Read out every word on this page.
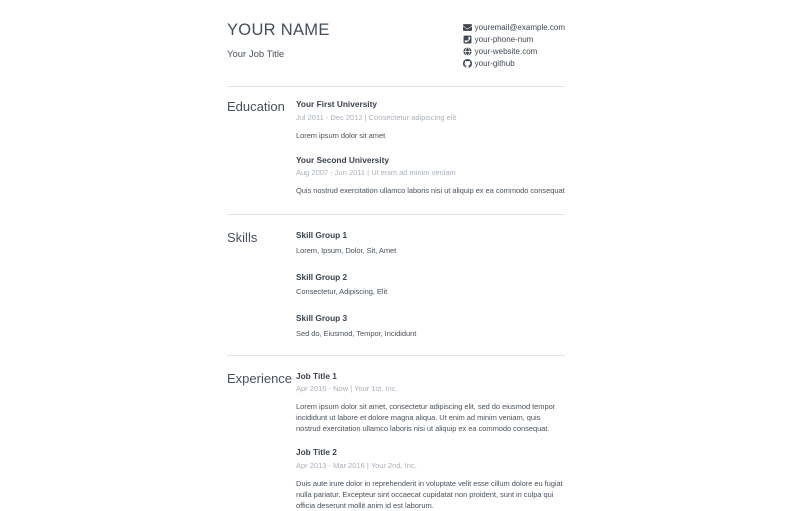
YOUR NAME
Your Job Title
youremail@example.com
your-phone-num
your-website.com
your-github
Education	Your First University
Jul 2011 - Dec 2012 | Consectetur adipiscing elit
Lorem ipsum dolor sit amet
Your Second University
Aug 2007 - Jun 2011 | Ut enim ad minim veniam
Quis nostrud exercitation ullamco laboris nisi ut aliquip ex ea commodo consequat
Skills	Skill Group 1
Lorem, Ipsum, Dolor, Sit, Amet
Skill Group 2
Consectetur, Adipiscing, Elit
Skill Group 3
Sed do, Eiusmod, Tempor, Incididunt
Experience Job Title 1
Apr 2016 - Now | Your 1st, Inc.
Lorem ipsum dolor sit amet, consectetur adipiscing elit, sed do eiusmod tempor incididunt ut labore et dolore magna aliqua. Ut enim ad minim veniam, quis nostrud exercitation ullamco laboris nisi ut aliquip ex ea commodo consequat.
Job Title 2
Apr 2013 - Mar 2016 | Your 2nd, Inc.
Duis aute irure dolor in reprehenderit in voluptate velit esse cillum dolore eu fugiat nulla pariatur. Excepteur sint occaecat cupidatat non proident, sunt in culpa qui officia deserunt mollit anim id est laborum.
